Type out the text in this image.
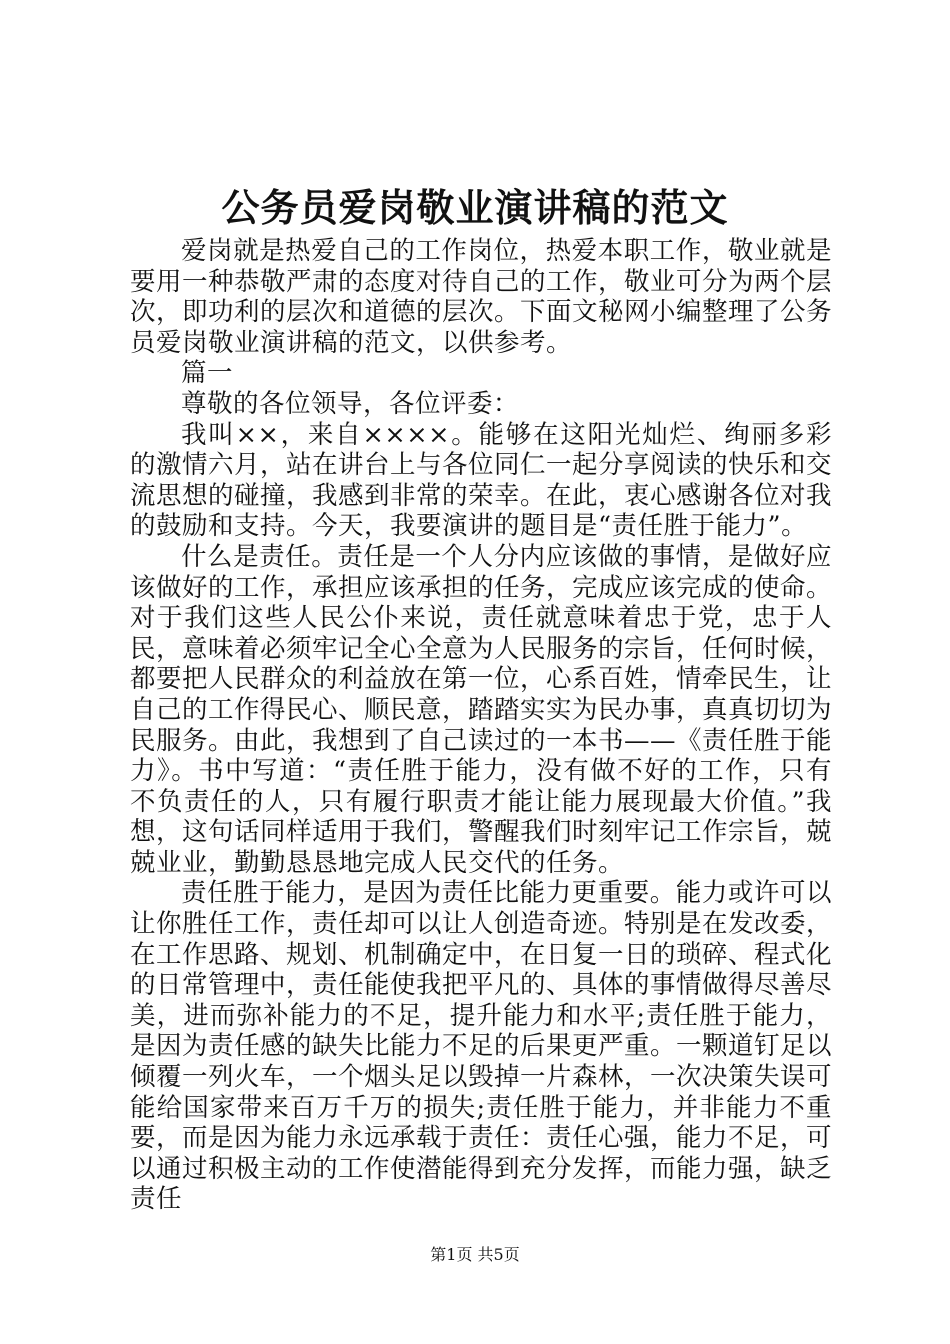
公务员爱岗敬业演讲稿的范文

爱岗就是热爱自己的工作岗位，热爱本职工作，敬业就是要用一种恭敬严肃的态度对待自己的工作，敬业可分为两个层次，即功利的层次和道德的层次。下面文秘网小编整理了公务员爱岗敬业演讲稿的范文，以供参考。

篇一

尊敬的各位领导，各位评委：

我叫××，来自××××。能够在这阳光灿烂、绚丽多彩的激情六月，站在讲台上与各位同仁一起分享阅读的快乐和交流思想的碰撞，我感到非常的荣幸。在此，衷心感谢各位对我的鼓励和支持。今天，我要演讲的题目是“责任胜于能力”。

什么是责任。责任是一个人分内应该做的事情，是做好应该做好的工作，承担应该承担的任务，完成应该完成的使命。对于我们这些人民公仆来说，责任就意味着忠于党，忠于人民，意味着必须牢记全心全意为人民服务的宗旨，任何时候，都要把人民群众的利益放在第一位，心系百姓，情牵民生，让自己的工作得民心、顺民意，踏踏实实为民办事，真真切切为民服务。由此，我想到了自己读过的一本书——《责任胜于能力》。书中写道：“责任胜于能力，没有做不好的工作，只有不负责任的人，只有履行职责才能让能力展现最大价值。”我想，这句话同样适用于我们，警醒我们时刻牢记工作宗旨，兢兢业业，勤勤恳恳地完成人民交代的任务。

责任胜于能力，是因为责任比能力更重要。能力或许可以让你胜任工作，责任却可以让人创造奇迹。特别是在发改委，在工作思路、规划、机制确定中，在日复一日的琐碎、程式化的日常管理中，责任能使我把平凡的、具体的事情做得尽善尽美，进而弥补能力的不足，提升能力和水平;责任胜于能力，是因为责任感的缺失比能力不足的后果更严重。一颗道钉足以倾覆一列火车，一个烟头足以毁掉一片森林，一次决策失误可能给国家带来百万千万的损失;责任胜于能力，并非能力不重要，而是因为能力永远承载于责任：责任心强，能力不足，可以通过积极主动的工作使潜能得到充分发挥，而能力强，缺乏责任

第1页 共5页
